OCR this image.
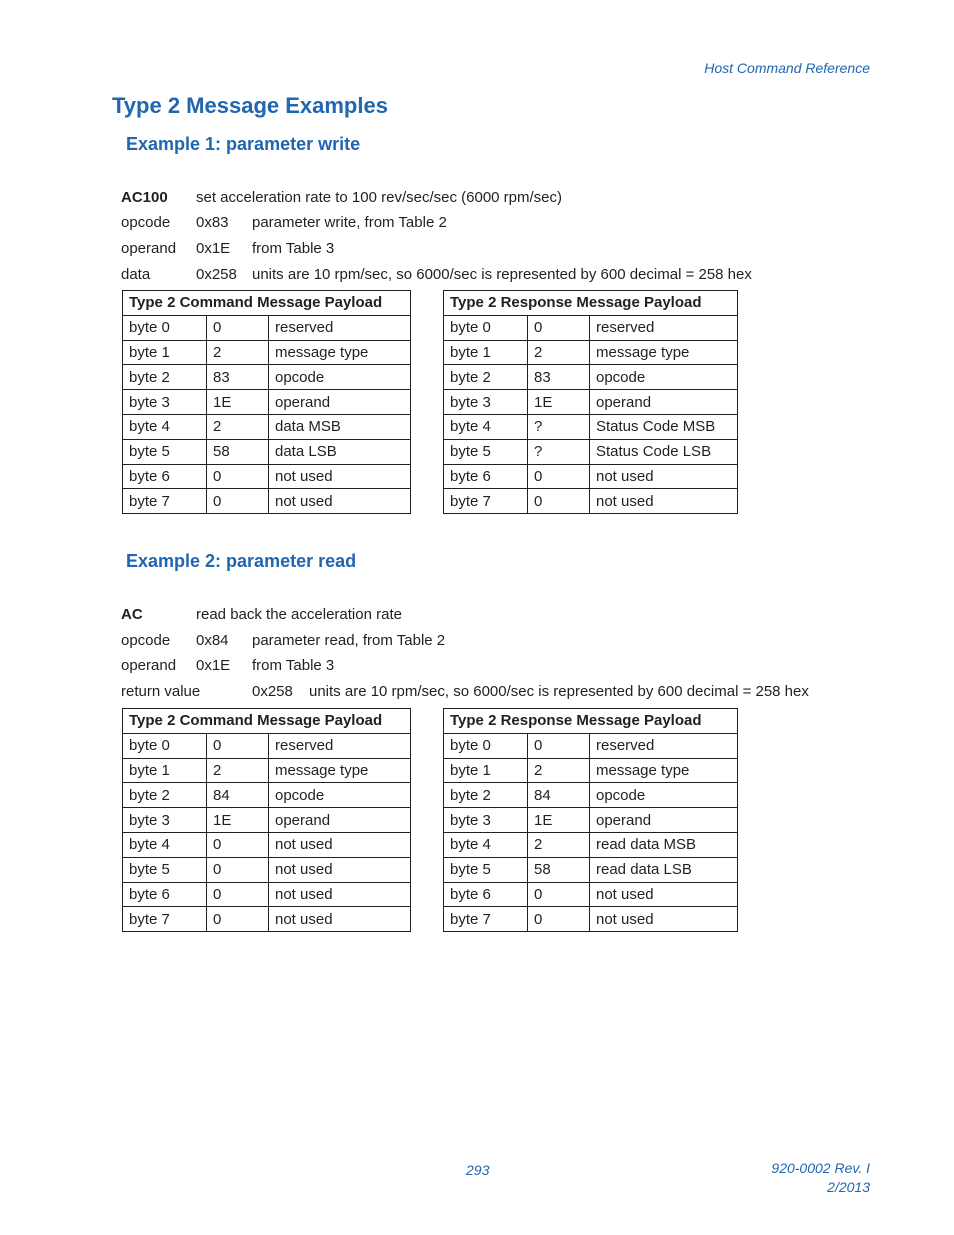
Host Command Reference
Type 2 Message Examples
Example 1: parameter write
AC100 set acceleration rate to 100 rev/sec/sec (6000 rpm/sec)
opcode 0x83 parameter write, from Table 2
operand 0x1E from Table 3
data	0x258 units are 10 rpm/sec, so 6000/sec is represented by 600 decimal = 258 hex
Type 2 Command Message Payload		
byte 0	0	reserved
byte 1	2	message type
byte 2	83	opcode
byte 3	1E	operand
byte 4	2	data MSB
byte 5	58	data LSB
byte 6	0	not used
byte 7	0	not used
Type 2 Response Message Payload		
byte 0	0	reserved
byte 1	2	message type
byte 2	83	opcode
byte 3	1E	operand
byte 4	?	Status Code MSB
byte 5	?	Status Code LSB
byte 6	0	not used
byte 7	0	not used
Example 2: parameter read
AC	read back the acceleration rate
opcode 0x84 parameter read, from Table 2
operand 0x1E from Table 3
return value	0x258 units are 10 rpm/sec, so 6000/sec is represented by 600 decimal = 258 hex
Type 2 Command Message Payload		
byte 0	0	reserved
byte 1	2	message type
byte 2	84	opcode
byte 3	1E	operand
byte 4	0	not used
byte 5	0	not used
byte 6	0	not used
byte 7	0	not used
Type 2 Response Message Payload		
byte 0	0	reserved
byte 1	2	message type
byte 2	84	opcode
byte 3	1E	operand
byte 4	2	read data MSB
byte 5	58	read data LSB
byte 6	0	not used
byte 7	0	not used
293	920-0002 Rev. I
2/2013
